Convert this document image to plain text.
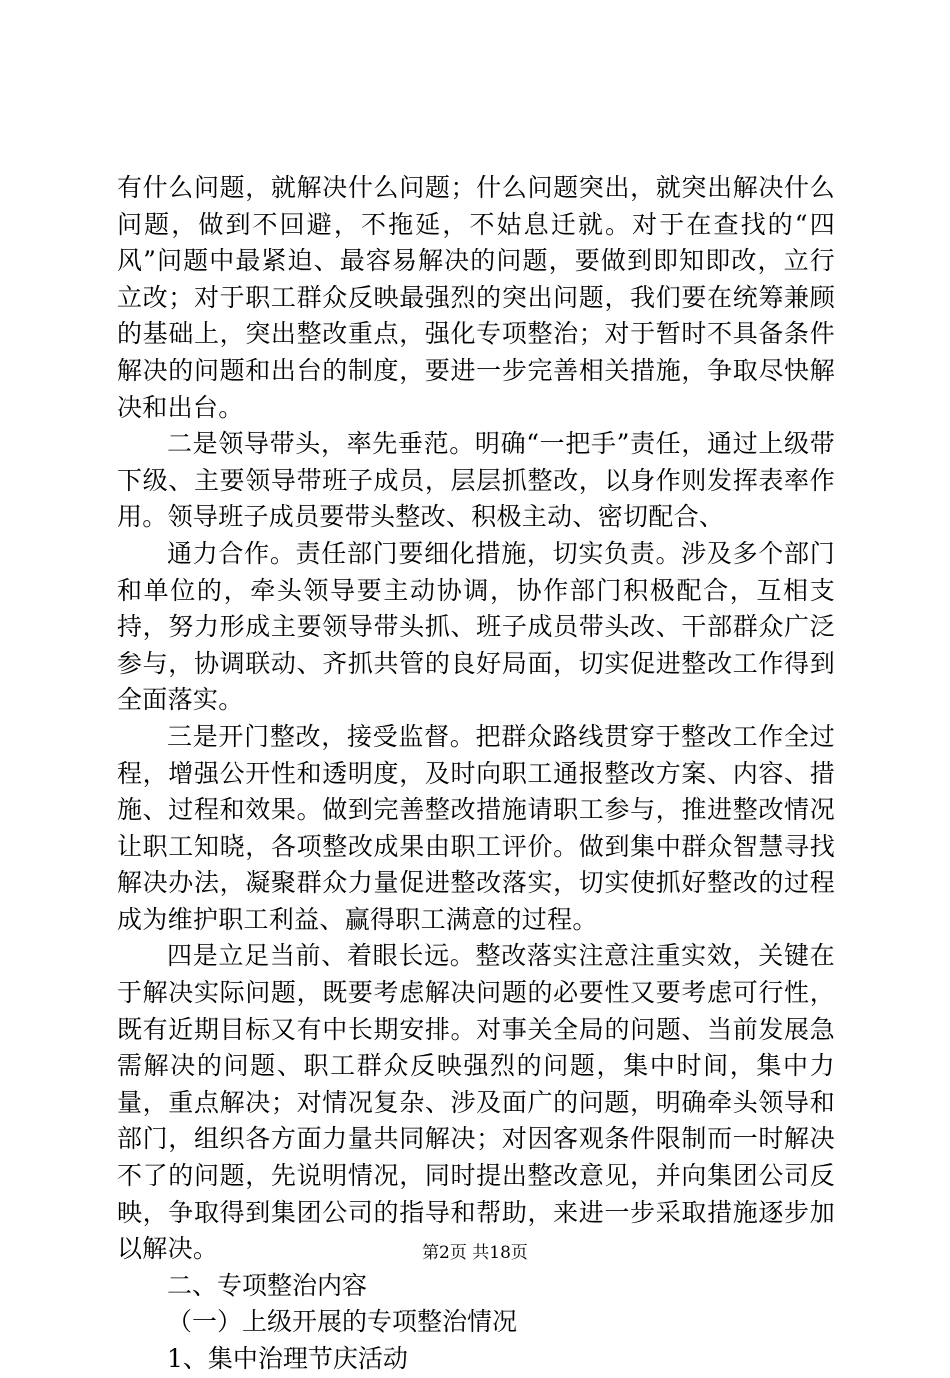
有什么问题，就解决什么问题；什么问题突出，就突出解决什么问题，做到不回避，不拖延，不姑息迁就。对于在查找的“四风”问题中最紧迫、最容易解决的问题，要做到即知即改，立行立改；对于职工群众反映最强烈的突出问题，我们要在统筹兼顾的基础上，突出整改重点，强化专项整治；对于暂时不具备条件解决的问题和出台的制度，要进一步完善相关措施，争取尽快解决和出台。

二是领导带头，率先垂范。明确“一把手”责任，通过上级带下级、主要领导带班子成员，层层抓整改，以身作则发挥表率作用。领导班子成员要带头整改、积极主动、密切配合、

通力合作。责任部门要细化措施，切实负责。涉及多个部门和单位的，牵头领导要主动协调，协作部门积极配合，互相支持，努力形成主要领导带头抓、班子成员带头改、干部群众广泛参与，协调联动、齐抓共管的良好局面，切实促进整改工作得到全面落实。

三是开门整改，接受监督。把群众路线贯穿于整改工作全过程，增强公开性和透明度，及时向职工通报整改方案、内容、措施、过程和效果。做到完善整改措施请职工参与，推进整改情况让职工知晓，各项整改成果由职工评价。做到集中群众智慧寻找解决办法，凝聚群众力量促进整改落实，切实使抓好整改的过程成为维护职工利益、赢得职工满意的过程。

四是立足当前、着眼长远。整改落实注意注重实效，关键在于解决实际问题，既要考虑解决问题的必要性又要考虑可行性，既有近期目标又有中长期安排。对事关全局的问题、当前发展急需解决的问题、职工群众反映强烈的问题，集中时间，集中力量，重点解决；对情况复杂、涉及面广的问题，明确牵头领导和部门，组织各方面力量共同解决；对因客观条件限制而一时解决不了的问题，先说明情况，同时提出整改意见，并向集团公司反映，争取得到集团公司的指导和帮助，来进一步采取措施逐步加以解决。

二、专项整治内容

（一）上级开展的专项整治情况

1、集中治理节庆活动

第2页 共18页
